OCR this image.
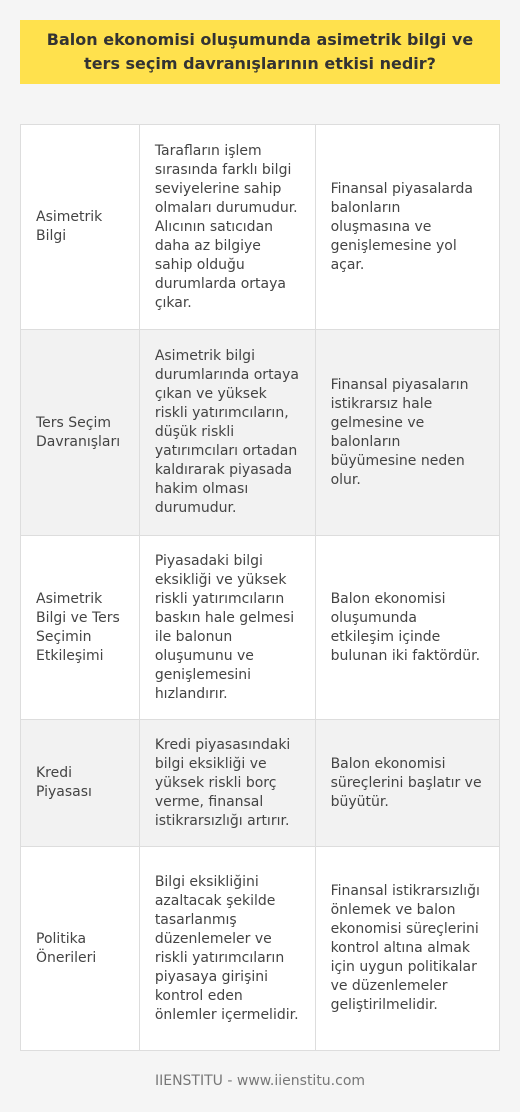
Balon ekonomisi oluşumunda asimetrik bilgi ve ters seçim davranışlarının etkisi nedir?
Asimetrik Bilgi	Tarafların işlem sırasında farklı bilgi seviyelerine sahip olmaları durumudur. Alıcının satıcıdan daha az bilgiye sahip olduğu durumlarda ortaya çıkar.	Finansal piyasalarda balonların oluşmasına ve genişlemesine yol açar.
Ters Seçim Davranışları	Asimetrik bilgi durumlarında ortaya çıkan ve yüksek riskli yatırımcıların, düşük riskli yatırımcıları ortadan kaldırarak piyasada hakim olması durumudur.	Finansal piyasaların istikrarsız hale gelmesine ve balonların büyümesine neden olur.
Asimetrik Bilgi ve Ters Seçimin Etkileşimi	Piyasadaki bilgi eksikliği ve yüksek riskli yatırımcıların baskın hale gelmesi ile balonun oluşumunu ve genişlemesini hızlandırır.	Balon ekonomisi oluşumunda etkileşim içinde bulunan iki faktördür.
Kredi Piyasası	Kredi piyasasındaki bilgi eksikliği ve yüksek riskli borç verme, finansal istikrarsızlığı artırır.	Balon ekonomisi süreçlerini başlatır ve büyütür.
Politika Önerileri	Bilgi eksikliğini azaltacak şekilde tasarlanmış düzenlemeler ve riskli yatırımcıların piyasaya girişini kontrol eden önlemler içermelidir.	Finansal istikrarsızlığı önlemek ve balon ekonomisi süreçlerini kontrol altına almak için uygun politikalar ve düzenlemeler geliştirilmelidir.
IIENSTITU - www.iienstitu.com
